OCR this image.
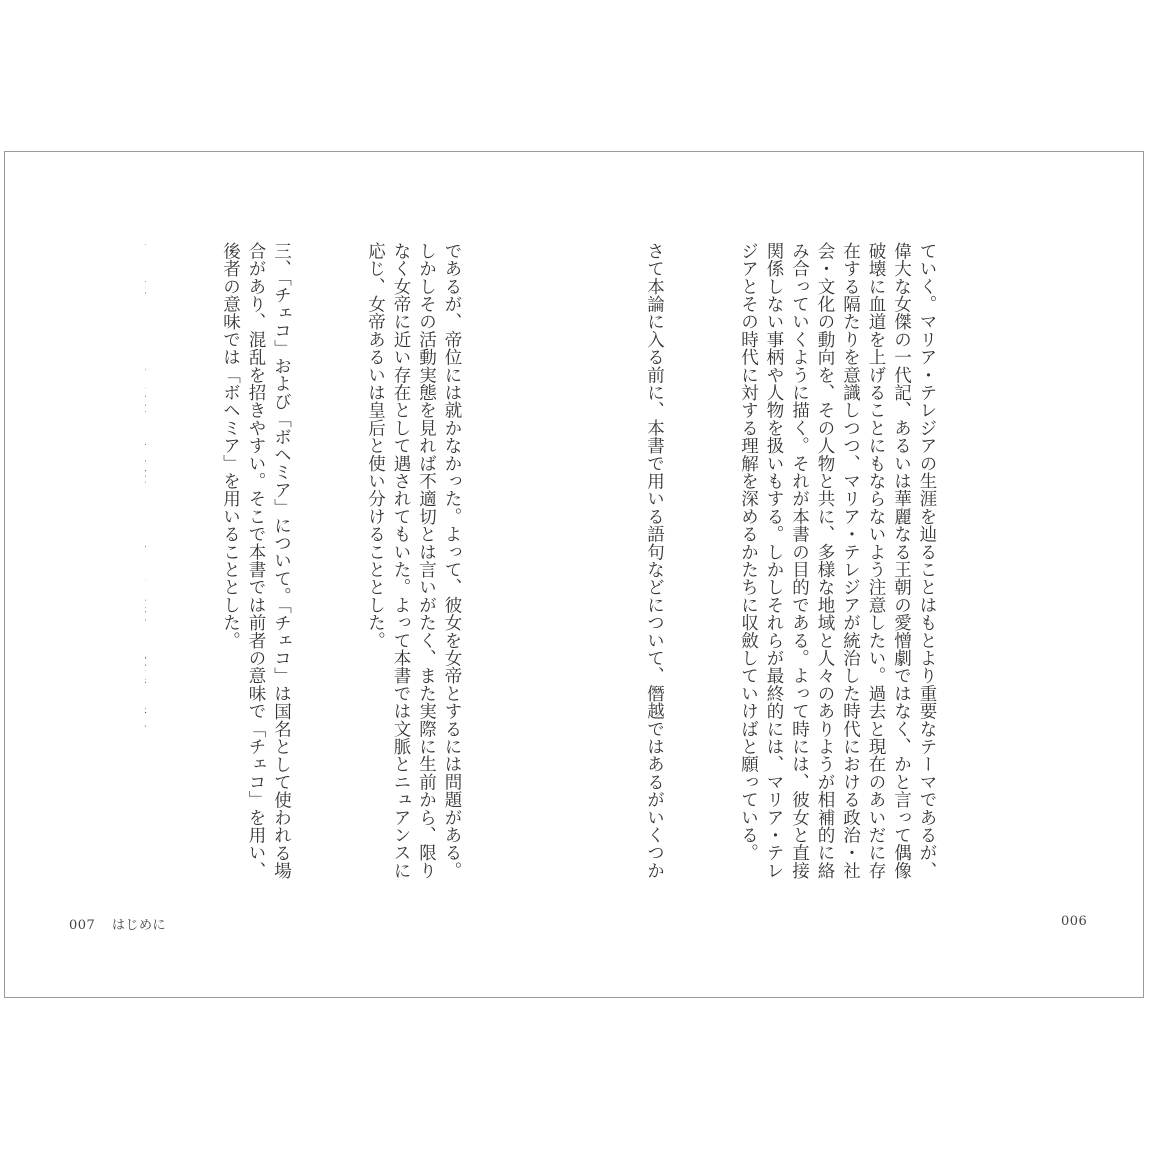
ていく。マリア・テレジアの生涯を辿ることはもとより重要なテーマであるが、偉大な女傑の一代記、あるいは華麗なる王朝の愛憎劇ではなく、かと言って偶像破壊に血道を上げることにもならないよう注意したい。過去と現在のあいだに存在する隔たりを意識しつつ、マリア・テレジアが統治した時代における政治・社会・文化の動向を、その人物と共に、多様な地域と人々のありようが相補的に絡み合っていくように描く。それが本書の目的である。よって時には、彼女と直接関係しない事柄や人物を扱いもする。しかしそれらが最終的には、マリア・テレジアとその時代に対する理解を深めるかたちに収斂していけばと願っている。

さて本論に入る前に、本書で用いる語句などについて、僭越ではあるがいくつか

であるが、帝位には就かなかった。よって、彼女を女帝とするには問題がある。しかしその活動実態を見れば不適切とは言いがたく、また実際に生前から、限りなく女帝に近い存在として遇されてもいた。よって本書では文脈とニュアンスに応じ、女帝あるいは皇后と使い分けることとした。

三、「チェコ」および「ボヘミア」について。「チェコ」は国名として使われる場合があり、混乱を招きやすい。そこで本書では前者の意味で「チェコ」を用い、後者の意味では「ボヘミア」を用いることとした。

007 はじめに	006
